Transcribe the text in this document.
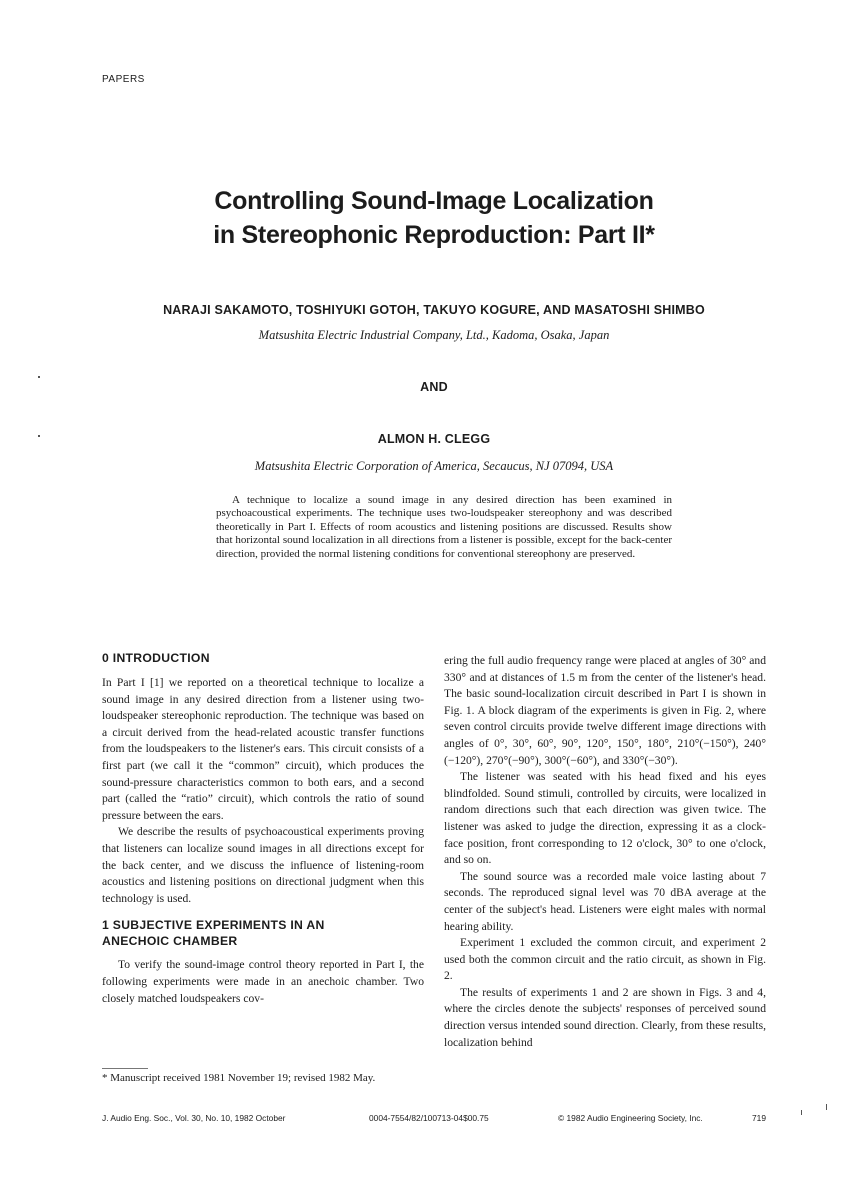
PAPERS
Controlling Sound-Image Localization
in Stereophonic Reproduction: Part II*
NARAJI SAKAMOTO, TOSHIYUKI GOTOH, TAKUYO KOGURE, AND MASATOSHI SHIMBO
Matsushita Electric Industrial Company, Ltd., Kadoma, Osaka, Japan
AND
ALMON H. CLEGG
Matsushita Electric Corporation of America, Secaucus, NJ 07094, USA

A technique to localize a sound image in any desired direction has been examined in psychoacoustical experiments. The technique uses two-loudspeaker stereophony and was described theoretically in Part I. Effects of room acoustics and listening positions are discussed. Results show that horizontal sound localization in all directions from a listener is possible, except for the back-center direction, provided the normal listening conditions for conventional stereophony are preserved.

0 INTRODUCTION

In Part I [1] we reported on a theoretical technique to localize a sound image in any desired direction from a listener using two-loudspeaker stereophonic reproduction. The technique was based on a circuit derived from the head-related acoustic transfer functions from the loudspeakers to the listener's ears. This circuit consists of a first part (we call it the “common” circuit), which produces the sound-pressure characteristics common to both ears, and a second part (called the “ratio” circuit), which controls the ratio of sound pressure between the ears.

We describe the results of psychoacoustical experiments proving that listeners can localize sound images in all directions except for the back center, and we discuss the influence of listening-room acoustics and listening positions on directional judgment when this technology is used.

1 SUBJECTIVE EXPERIMENTS IN AN
ANECHOIC CHAMBER

To verify the sound-image control theory reported in Part I, the following experiments were made in an anechoic chamber. Two closely matched loudspeakers cov-

* Manuscript received 1981 November 19; revised 1982 May.

ering the full audio frequency range were placed at angles of 30° and 330° and at distances of 1.5 m from the center of the listener's head. The basic sound-localization circuit described in Part I is shown in Fig. 1. A block diagram of the experiments is given in Fig. 2, where seven control circuits provide twelve different image directions with angles of 0°, 30°, 60°, 90°, 120°, 150°, 180°, 210°(−150°), 240°(−120°), 270°(−90°), 300°(−60°), and 330°(−30°).

The listener was seated with his head fixed and his eyes blindfolded. Sound stimuli, controlled by circuits, were localized in random directions such that each direction was given twice. The listener was asked to judge the direction, expressing it as a clock-face position, front corresponding to 12 o'clock, 30° to one o'clock, and so on.

The sound source was a recorded male voice lasting about 7 seconds. The reproduced signal level was 70 dBA average at the center of the subject's head. Listeners were eight males with normal hearing ability.

Experiment 1 excluded the common circuit, and experiment 2 used both the common circuit and the ratio circuit, as shown in Fig. 2.

The results of experiments 1 and 2 are shown in Figs. 3 and 4, where the circles denote the subjects' responses of perceived sound direction versus intended sound direction. Clearly, from these results, localization behind

J. Audio Eng. Soc., Vol. 30, No. 10, 1982 October	0004-7554/82/100713-04$00.75	© 1982 Audio Engineering Society, Inc.	719
